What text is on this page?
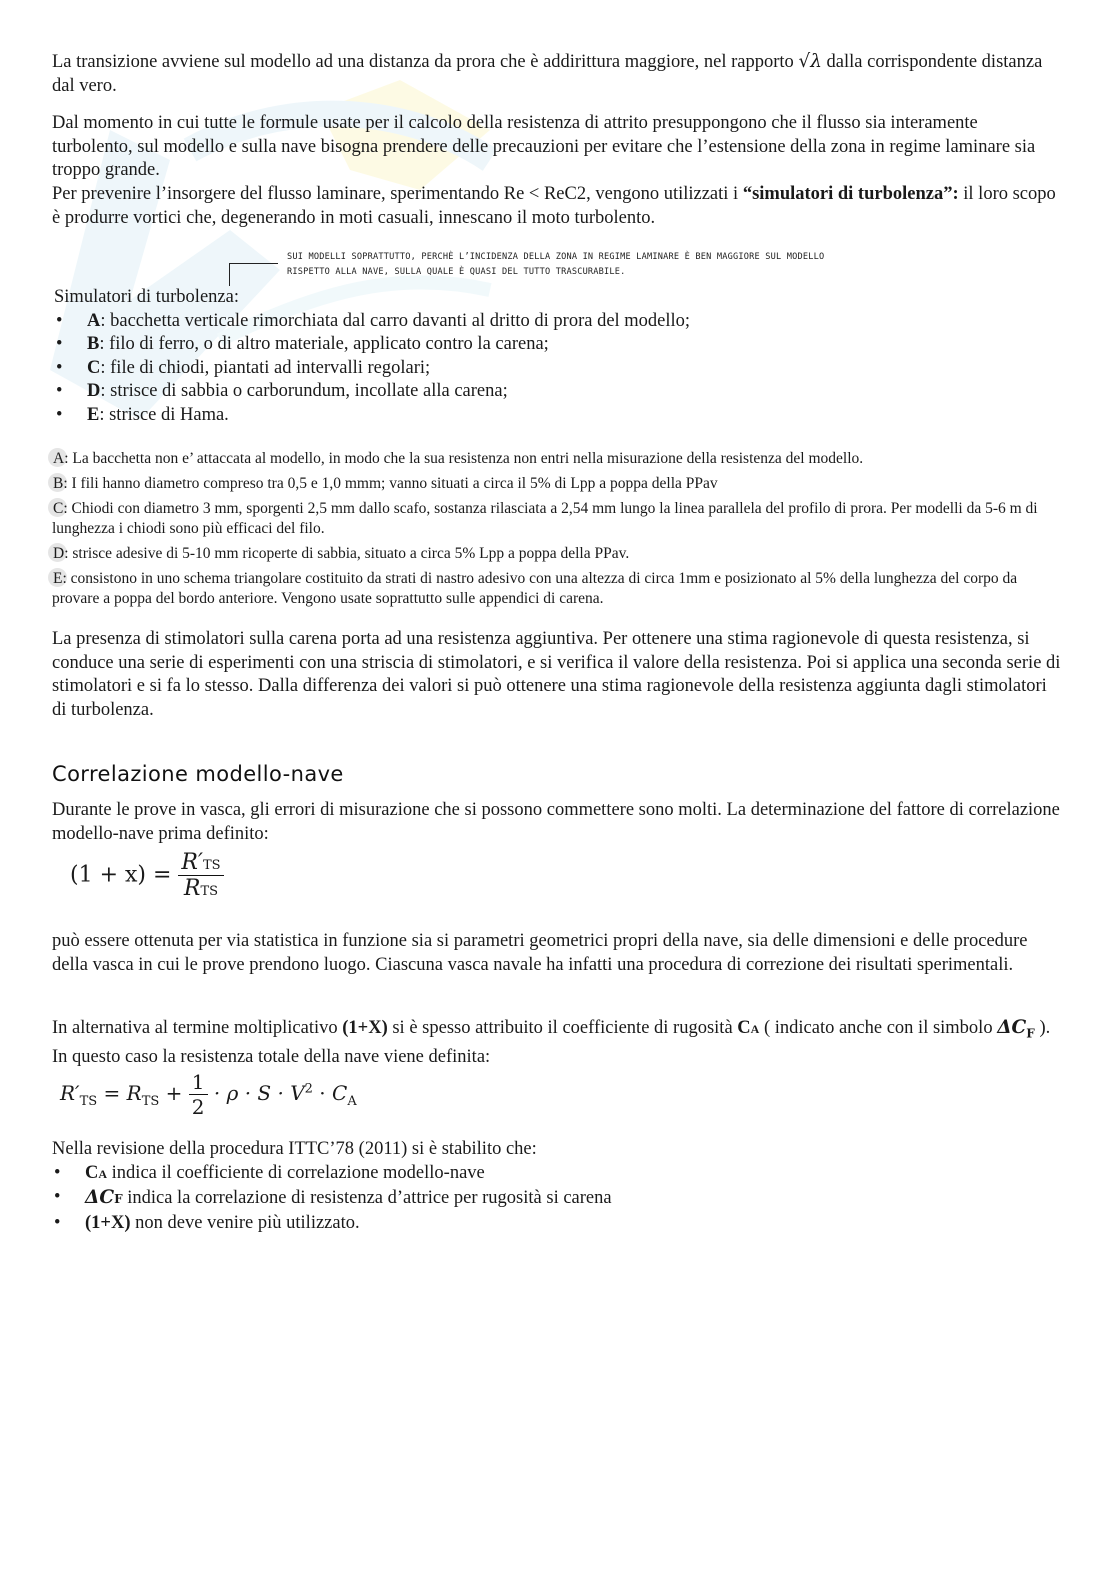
La transizione avviene sul modello ad una distanza da prora che è addirittura maggiore, nel rapporto √λ dalla corrispondente distanza dal vero.

Dal momento in cui tutte le formule usate per il calcolo della resistenza di attrito presuppongono che il flusso sia interamente turbolento, sul modello e sulla nave bisogna prendere delle precauzioni per evitare che l’estensione della zona in regime laminare sia troppo grande.

Per prevenire l’insorgere del flusso laminare, sperimentando Re < ReC2, vengono utilizzati i “simulatori di turbolenza”: il loro scopo è produrre vortici che, degenerando in moti casuali, innescano il moto turbolento.

SUI MODELLI SOPRATTUTTO, PERCHÈ L’INCIDENZA DELLA ZONA IN REGIME LAMINARE È BEN MAGGIORE SUL MODELLO RISPETTO ALLA NAVE, SULLA QUALE È QUASI DEL TUTTO TRASCURABILE.
Simulatori di turbolenza:
• A: bacchetta verticale rimorchiata dal carro davanti al dritto di prora del modello;
• B: filo di ferro, o di altro materiale, applicato contro la carena;
• C: file di chiodi, piantati ad intervalli regolari;
• D: strisce di sabbia o carborundum, incollate alla carena;
• E: strisce di Hama.
A: La bacchetta non e’ attaccata al modello, in modo che la sua resistenza non entri nella misurazione della resistenza del modello.
B: I fili hanno diametro compreso tra 0,5 e 1,0 mmm; vanno situati a circa il 5% di Lpp a poppa della PPav
C: Chiodi con diametro 3 mm, sporgenti 2,5 mm dallo scafo, sostanza rilasciata a 2,54 mm lungo la linea parallela del profilo di prora. Per modelli da 5-6 m di lunghezza i chiodi sono più efficaci del filo.
D: strisce adesive di 5-10 mm ricoperte di sabbia, situato a circa 5% Lpp a poppa della PPav.
E: consistono in uno schema triangolare costituito da strati di nastro adesivo con una altezza di circa 1mm e posizionato al 5% della lunghezza del corpo da provare a poppa del bordo anteriore. Vengono usate soprattutto sulle appendici di carena.

La presenza di stimolatori sulla carena porta ad una resistenza aggiuntiva. Per ottenere una stima ragionevole di questa resistenza, si conduce una serie di esperimenti con una striscia di stimolatori, e si verifica il valore della resistenza. Poi si applica una seconda serie di stimolatori e si fa lo stesso. Dalla differenza dei valori si può ottenere una stima ragionevole della resistenza aggiunta dagli stimolatori di turbolenza.

Correlazione modello-nave

Durante le prove in vasca, gli errori di misurazione che si possono commettere sono molti. La determinazione del fattore di correlazione modello-nave prima definito:

$(1 + x) = \frac{R'TS}{\text{RTS}}$

può essere ottenuta per via statistica in funzione sia si parametri geometrici propri della nave, sia delle dimensioni e delle procedure della vasca in cui le prove prendono luogo. Ciascuna vasca navale ha infatti una procedura di correzione dei risultati sperimentali.

In alternativa al termine moltiplicativo (1+X) si è spesso attribuito il coefficiente di rugosità CA ( indicato anche con il simbolo $\Delta C_F$ ). In questo caso la resistenza totale della nave viene definita:

$R'_{TS} = R_{TS} + \frac{1}{2} \cdot \rho \cdot S \cdot V^2 \cdot C_A$
Nella revisione della procedura ITTC’78 (2011) si è stabilito che:
• CA indica il coefficiente di correlazione modello-nave
• ΔCF indica la correlazione di resistenza d’attrice per rugosità si carena
• (1+X) non deve venire più utilizzato.
